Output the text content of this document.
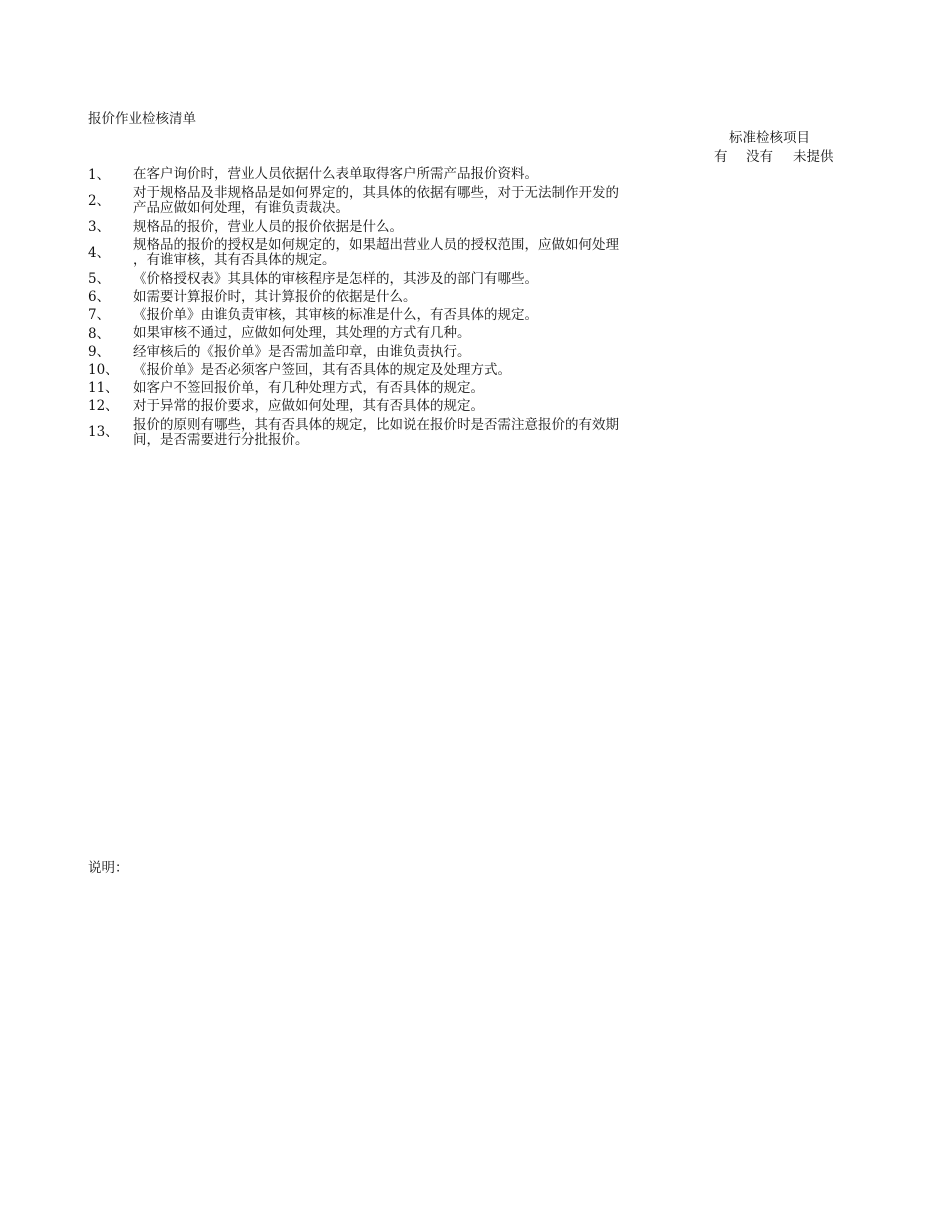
报价作业检核清单
标准检核项目
有 没有 未提供
1、	在客户询价时，营业人员依据什么表单取得客户所需产品报价资料。
2、	对于规格品及非规格品是如何界定的，其具体的依据有哪些，对于无法制作开发的
产品应做如何处理，有谁负责裁决。
3、	规格品的报价，营业人员的报价依据是什么。
4、	规格品的报价的授权是如何规定的，如果超出营业人员的授权范围，应做如何处理
，有谁审核，其有否具体的规定。
5、	《价格授权表》其具体的审核程序是怎样的，其涉及的部门有哪些。
6、	如需要计算报价时，其计算报价的依据是什么。
7、	《报价单》由谁负责审核，其审核的标准是什么，有否具体的规定。
8、	如果审核不通过，应做如何处理，其处理的方式有几种。
9、	经审核后的《报价单》是否需加盖印章，由谁负责执行。
10、	《报价单》是否必须客户签回，其有否具体的规定及处理方式。
11、	如客户不签回报价单，有几种处理方式，有否具体的规定。
12、	对于异常的报价要求，应做如何处理，其有否具体的规定。
13、	报价的原则有哪些，其有否具体的规定，比如说在报价时是否需注意报价的有效期
间，是否需要进行分批报价。
说明：
